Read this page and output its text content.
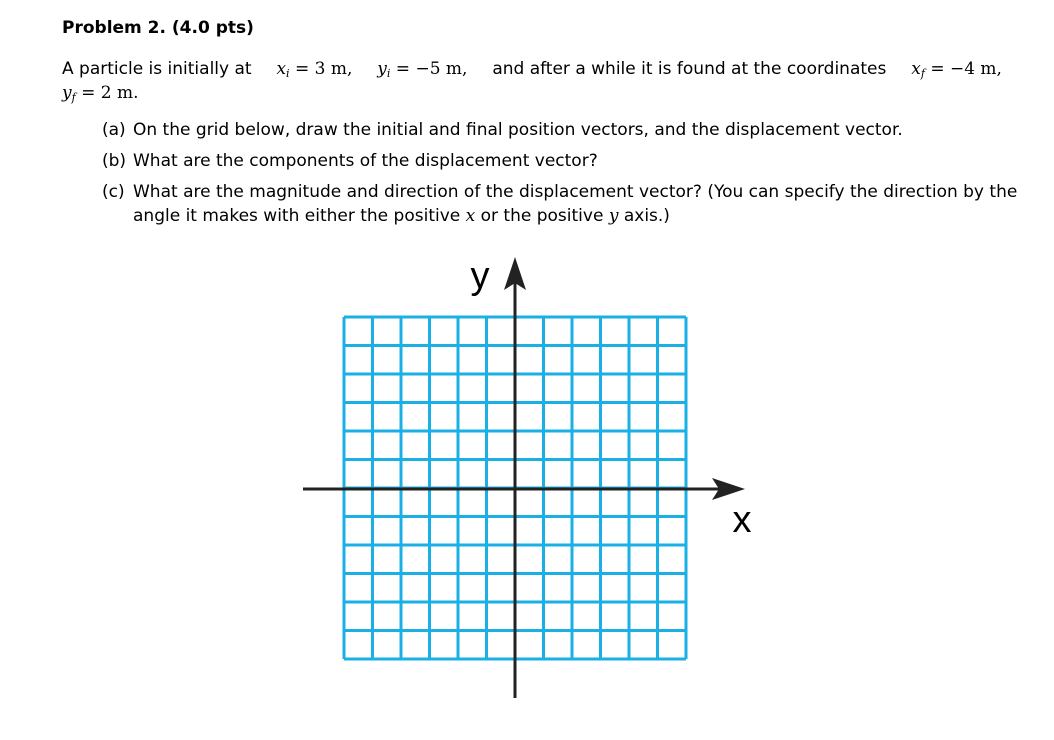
Problem 2. (4.0 pts)
A particle is initially at $x_i = 3$ m, $y_i = -5$ m, and after a while it is found at the coordinates $x_f = -4$ m,
$y_f = 2$ m.
(a) On the grid below, draw the initial and final position vectors, and the displacement vector.
(b) What are the components of the displacement vector?
(c) What are the magnitude and direction of the displacement vector? (You can specify the direction by the
angle it makes with either the positive x or the positive y axis.)
y
x
